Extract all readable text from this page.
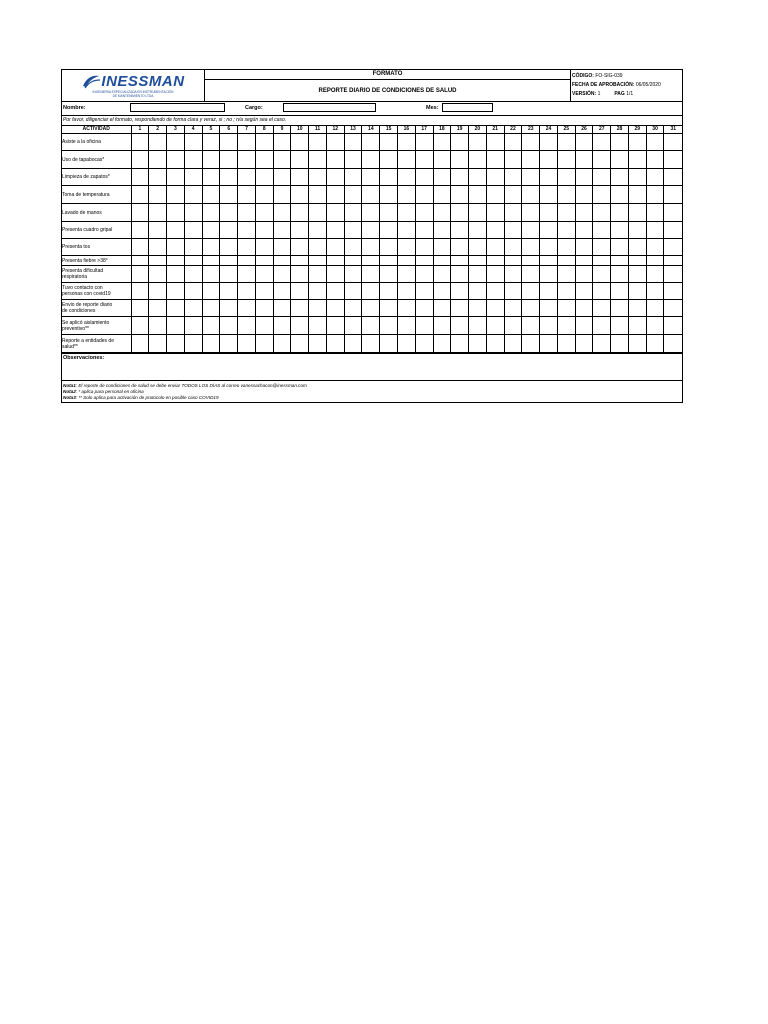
INESSMAN
INGENIERIA ESPECIALIZADA EN INSTRUMENTACIÓN
DE MANTENIMIENTO LTDA
FORMATO
REPORTE DIARIO DE CONDICIONES DE SALUD
CÓDIGO: FO-SIG-039
FECHA DE APROBACIÓN: 06/05/2020
VERSIÓN: 1	PAG 1/1
Nombre:	Cargo:	Mes:
Por favor, diligenciar el formato, respondiendo de forma clara y veraz, si ; no ; n/a según sea el caso.
ACTIVIDAD	1	2	3	4	5	6	7	8	9	10	11	12	13	14	15	16	17	18	19	20	21	22	23	24	25	26	27	28	29	30	31

Asiste a la oficina																															

Uso de tapabocas*																															

Limpieza de zapatos*																															

Toma de temperatura																															

Lavado de manos																															

Presenta cuadro gripal																															

Presenta tos																															

Presenta fiebre >38°																															

Presenta dificultad
respiratoria																															

Tuvo contacto con
personas con covid19																															

Envio de reporte diario
de condiciones																															

Se aplicó aislamiento
preventivo**																															

Reporte a entidades de
salud**																															

Observaciones:
Nota1: El reporte de condiciones de salud se debe enviar TODOS LOS DÍAS al correo vanessachacon@inessman.com
Nota2: * aplica para personal en oficina
Nota3: ** Solo aplica para activación de protocolo en posible caso COVID19
